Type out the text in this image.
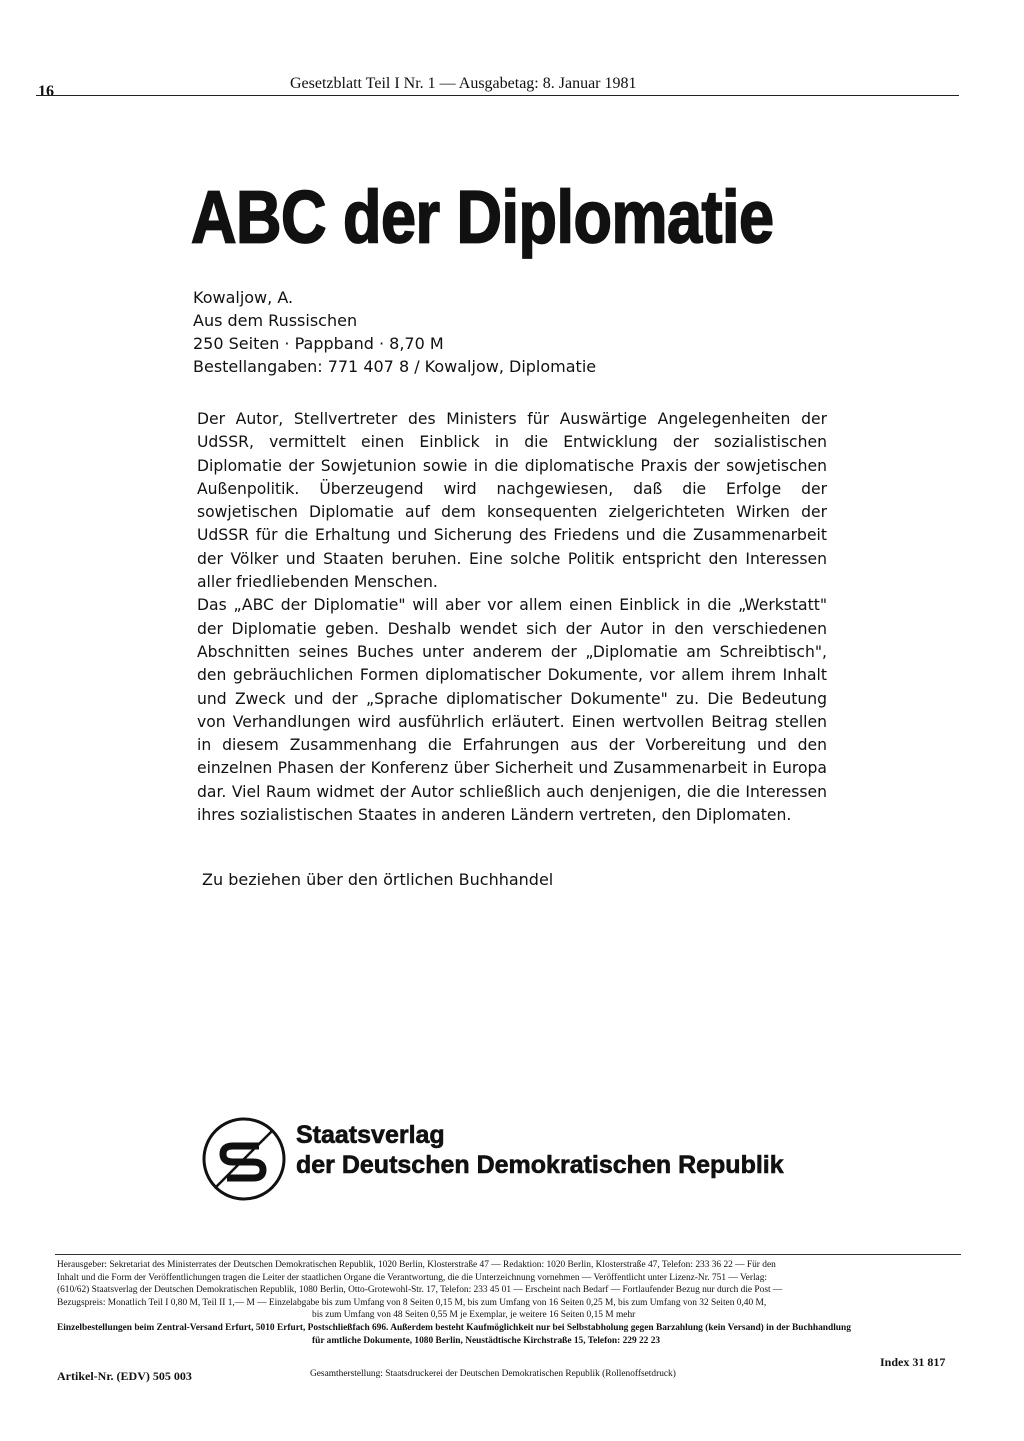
16	Gesetzblatt Teil I Nr. 1 — Ausgabetag: 8. Januar 1981
ABC der Diplomatie
Kowaljow, A.
Aus dem Russischen
250 Seiten · Pappband · 8,70 M
Bestellangaben: 771 407 8 / Kowaljow, Diplomatie

Der Autor, Stellvertreter des Ministers für Auswärtige Angelegenheiten der UdSSR, vermittelt einen Einblick in die Entwicklung der sozialistischen Diplomatie der Sowjetunion sowie in die diplomatische Praxis der sowjetischen Außenpolitik. Überzeugend wird nachgewiesen, daß die Erfolge der sowjetischen Diplomatie auf dem konsequenten zielgerichteten Wirken der UdSSR für die Erhaltung und Sicherung des Friedens und die Zusammenarbeit der Völker und Staaten beruhen. Eine solche Politik entspricht den Interessen aller friedliebenden Menschen.

Das „ABC der Diplomatie" will aber vor allem einen Einblick in die „Werkstatt" der Diplomatie geben. Deshalb wendet sich der Autor in den verschiedenen Abschnitten seines Buches unter anderem der „Diplomatie am Schreibtisch", den gebräuchlichen Formen diplomatischer Dokumente, vor allem ihrem Inhalt und Zweck und der „Sprache diplomatischer Dokumente" zu. Die Bedeutung von Verhandlungen wird ausführlich erläutert. Einen wertvollen Beitrag stellen in diesem Zusammenhang die Erfahrungen aus der Vorbereitung und den einzelnen Phasen der Konferenz über Sicherheit und Zusammenarbeit in Europa dar. Viel Raum widmet der Autor schließlich auch denjenigen, die die Interessen ihres sozialistischen Staates in anderen Ländern vertreten, den Diplomaten.

Zu beziehen über den örtlichen Buchhandel
Staatsverlag
der Deutschen Demokratischen Republik
Herausgeber: Sekretariat des Ministerrates der Deutschen Demokratischen Republik, 1020 Berlin, Klosterstraße 47 — Redaktion: 1020 Berlin, Klosterstraße 47, Telefon: 233 36 22 — Für den
Inhalt und die Form der Veröffentlichungen tragen die Leiter der staatlichen Organe die Verantwortung, die die Unterzeichnung vornehmen — Veröffentlicht unter Lizenz-Nr. 751 — Verlag:
(610/62) Staatsverlag der Deutschen Demokratischen Republik, 1080 Berlin, Otto-Grotewohl-Str. 17, Telefon: 233 45 01 — Erscheint nach Bedarf — Fortlaufender Bezug nur durch die Post —
Bezugspreis: Monatlich Teil I 0,80 M, Teil II 1,— M — Einzelabgabe bis zum Umfang von 8 Seiten 0,15 M, bis zum Umfang von 16 Seiten 0,25 M, bis zum Umfang von 32 Seiten 0,40 M,
bis zum Umfang von 48 Seiten 0,55 M je Exemplar, je weitere 16 Seiten 0,15 M mehr
Einzelbestellungen beim Zentral-Versand Erfurt, 5010 Erfurt, Postschließfach 696. Außerdem besteht Kaufmöglichkeit nur bei Selbstabholung gegen Barzahlung (kein Versand) in der Buchhandlung
für amtliche Dokumente, 1080 Berlin, Neustädtische Kirchstraße 15, Telefon: 229 22 23
Index 31 817
Artikel-Nr. (EDV) 505 003	Gesamtherstellung: Staatsdruckerei der Deutschen Demokratischen Republik (Rollenoffsetdruck)
